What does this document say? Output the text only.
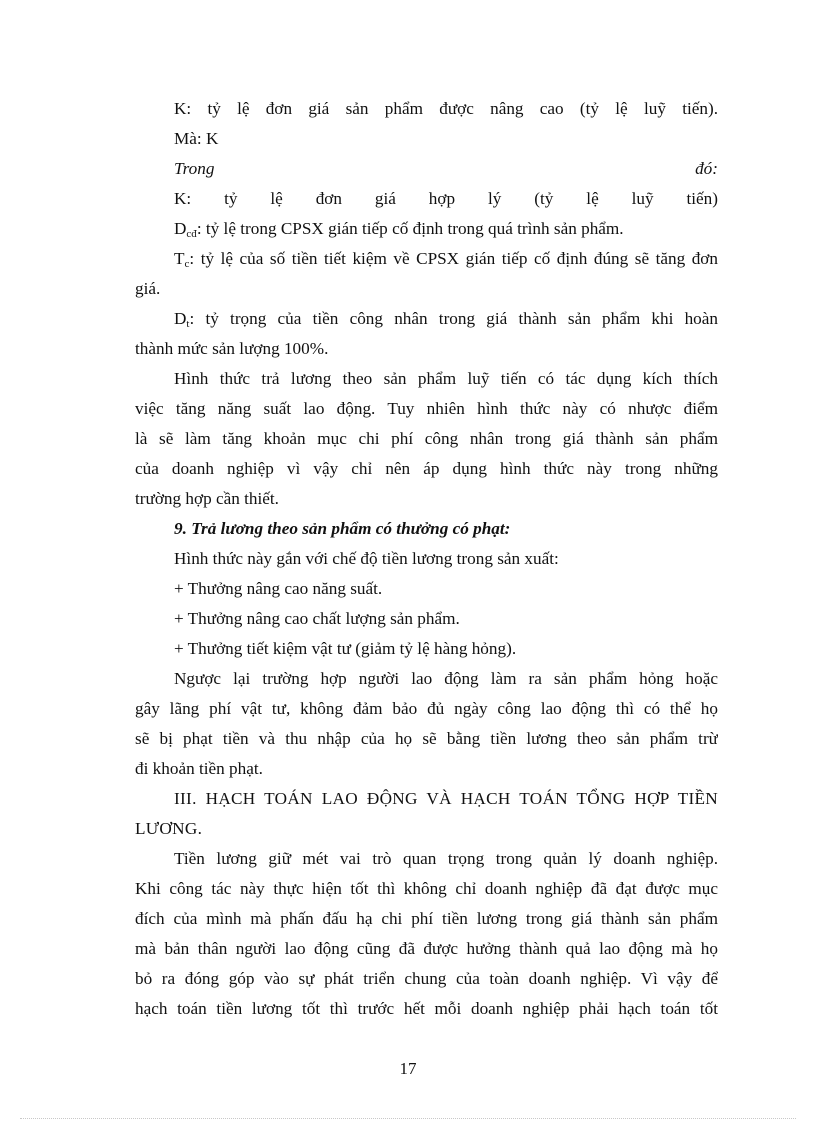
K: tỷ lệ đơn giá sản phẩm được nâng cao (tỷ lệ luỹ tiến).
Mà: K
Trong	đó:
K: tỷ lệ đơn giá hợp lý (tỷ lệ luỹ tiến)
$D_{cđ}$: tỷ lệ trong CPSX gián tiếp cố định trong quá trình sản phẩm.
$T_c$: tỷ lệ của số tiền tiết kiệm về CPSX gián tiếp cố định đúng sẽ tăng đơn
giá.
$D_t$: tỷ trọng của tiền công nhân trong giá thành sản phẩm khi hoàn
thành mức sản lượng 100%.
Hình thức trả lương theo sản phẩm luỹ tiến có tác dụng kích thích
việc tăng năng suất lao động. Tuy nhiên hình thức này có nhược điểm
là sẽ làm tăng khoản mục chi phí công nhân trong giá thành sản phẩm
của doanh nghiệp vì vậy chỉ nên áp dụng hình thức này trong những
trường hợp cần thiết.
9. Trả lương theo sản phẩm có thưởng có phạt:
Hình thức này gắn với chế độ tiền lương trong sản xuất:
+ Thưởng nâng cao năng suất.
+ Thưởng nâng cao chất lượng sản phẩm.
+ Thưởng tiết kiệm vật tư (giảm tỷ lệ hàng hỏng).
Ngược lại trường hợp người lao động làm ra sản phẩm hỏng hoặc
gây lãng phí vật tư, không đảm bảo đủ ngày công lao động thì có thể họ
sẽ bị phạt tiền và thu nhập của họ sẽ bằng tiền lương theo sản phẩm trừ
đi khoản tiền phạt.
III. HẠCH TOÁN LAO ĐỘNG VÀ HẠCH TOÁN TỔNG HỢP TIỀN
LƯƠNG.
Tiền lương giữ mét vai trò quan trọng trong quản lý doanh nghiệp.
Khi công tác này thực hiện tốt thì không chỉ doanh nghiệp đã đạt được mục
đích của mình mà phấn đấu hạ chi phí tiền lương trong giá thành sản phẩm
mà bản thân người lao động cũng đã được hưởng thành quả lao động mà họ
bỏ ra đóng góp vào sự phát triển chung của toàn doanh nghiệp. Vì vậy để
hạch toán tiền lương tốt thì trước hết mỗi doanh nghiệp phải hạch toán tốt
17
